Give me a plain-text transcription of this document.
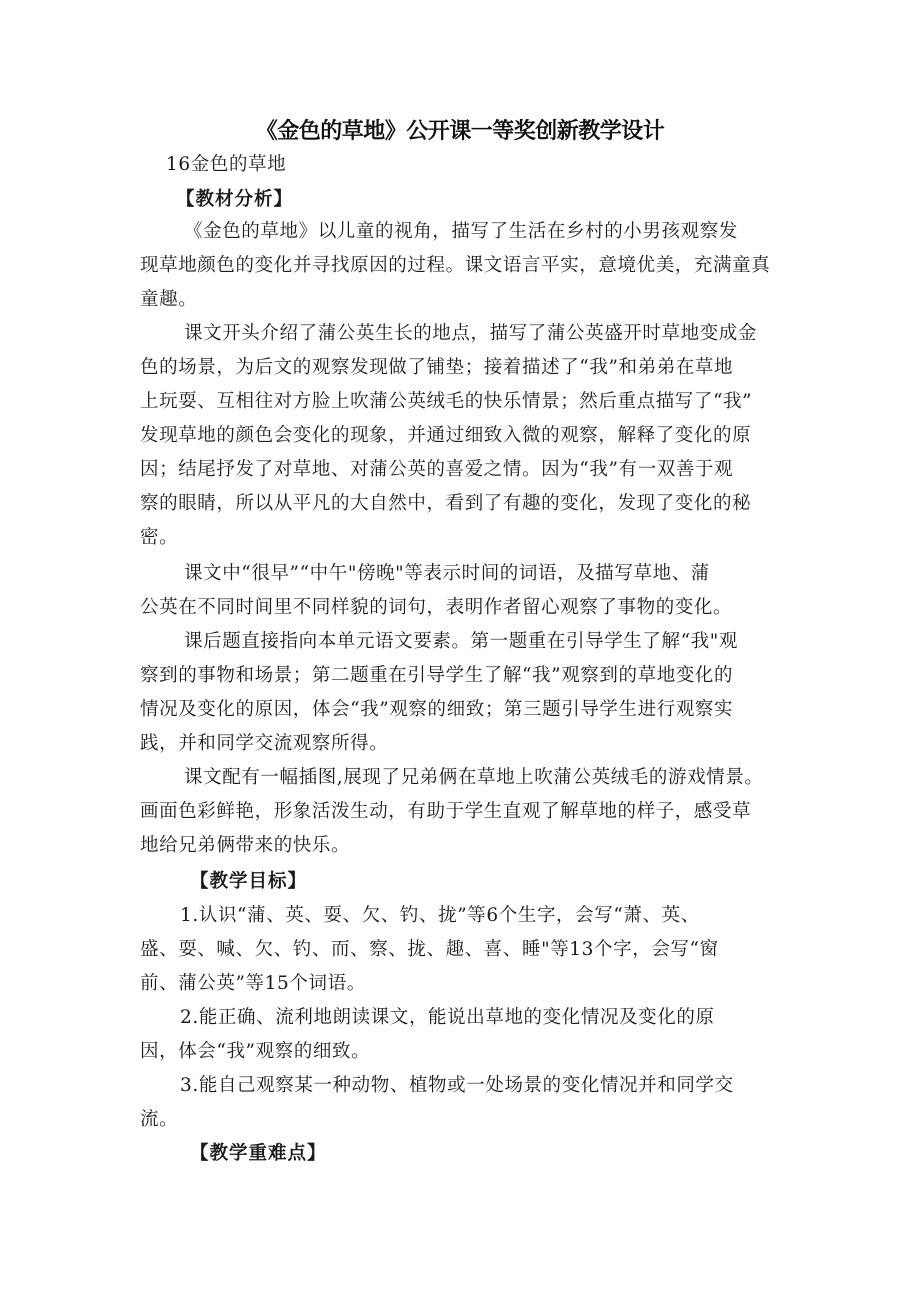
《金色的草地》公开课一等奖创新教学设计
16金色的草地
【教材分析】
《金色的草地》以儿童的视角，描写了生活在乡村的小男孩观察发
现草地颜色的变化并寻找原因的过程。课文语言平实，意境优美，充满童真
童趣。
课文开头介绍了蒲公英生长的地点，描写了蒲公英盛开时草地变成金
色的场景，为后文的观察发现做了铺垫；接着描述了“我”和弟弟在草地
上玩耍、互相往对方脸上吹蒲公英绒毛的快乐情景；然后重点描写了“我”
发现草地的颜色会变化的现象，并通过细致入微的观察，解释了变化的原
因；结尾抒发了对草地、对蒲公英的喜爱之情。因为“我”有一双善于观
察的眼睛，所以从平凡的大自然中，看到了有趣的变化，发现了变化的秘
密。
课文中“很早”“中午"傍晚"等表示时间的词语，及描写草地、蒲
公英在不同时间里不同样貌的词句，表明作者留心观察了事物的变化。
课后题直接指向本单元语文要素。第一题重在引导学生了解“我"观
察到的事物和场景；第二题重在引导学生了解“我”观察到的草地变化的
情况及变化的原因，体会“我”观察的细致；第三题引导学生进行观察实
践，并和同学交流观察所得。
课文配有一幅插图,展现了兄弟俩在草地上吹蒲公英绒毛的游戏情景。
画面色彩鲜艳，形象活泼生动，有助于学生直观了解草地的样子，感受草
地给兄弟俩带来的快乐。
【教学目标】
1.认识“蒲、英、耍、欠、钓、拢”等6个生字，会写“萧、英、
盛、耍、喊、欠、钓、而、察、拢、趣、喜、睡"等13个字，会写“窗
前、蒲公英”等15个词语。
2.能正确、流利地朗读课文，能说出草地的变化情况及变化的原
因，体会“我”观察的细致。
3.能自己观察某一种动物、植物或一处场景的变化情况并和同学交
流。
【教学重难点】
